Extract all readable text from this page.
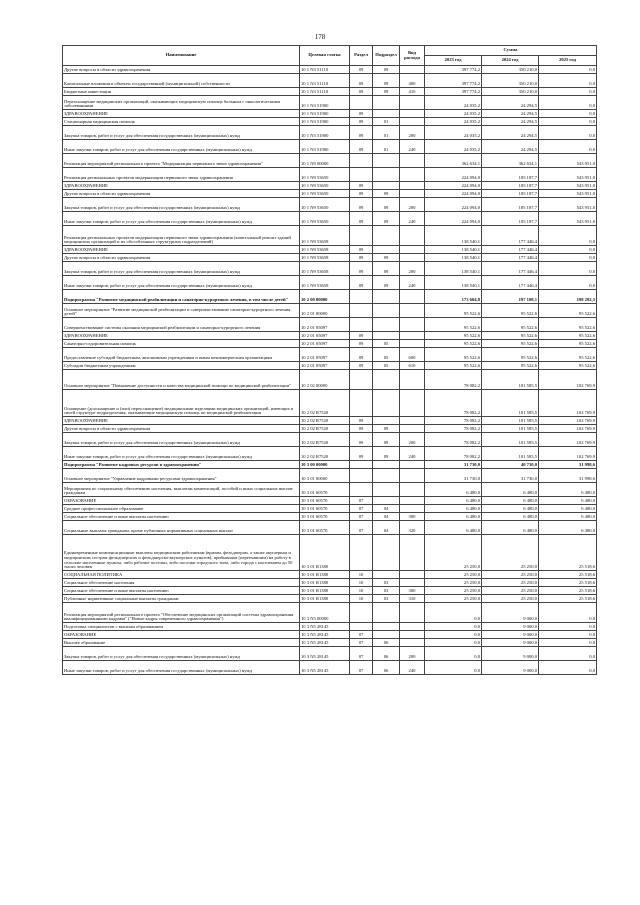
178
Наименование	Целевая статья	Раздел	Подраздел	Вид расхода	Сумма		
					2023 год	2024 год	2025 год
Другие вопросы в области здравоохранения	10 1 N3 51110	09	09		397 774,2	350 210,0	0,0
Капитальные вложения в объекты государственной (муниципальной) собственности	10 1 N3 51110	09	09	400	397 774,2	350 210,0	0,0
Бюджетные инвестиции	10 1 N3 51110	09	09	410	397 774,2	350 210,0	0,0
Переоснащение медицинских организаций, оказывающих медицинскую помощь больным с онкологическими заболеваниями	10 1 N3 51900				24 035,2	24 294,5	0,0
ЗДРАВООХРАНЕНИЕ	10 1 N3 51900	09			24 035,2	24 294,5	0,0
Стационарная медицинская помощь	10 1 N3 51900	09	01		24 035,2	24 294,5	0,0
Закупка товаров, работ и услуг для обеспечения государственных (муниципальных) нужд	10 1 N3 51900	09	01	200	24 035,2	24 294,5	0,0
Иные закупки товаров, работ и услуг для обеспечения государственных (муниципальных) нужд	10 1 N3 51900	09	01	240	24 035,2	24 294,5	0,0
Реализация мероприятий регионального проекта "Модернизация первичного звена здравоохранения"	10 1 N9 00000				362 634,1	362 634,1	543 951,0
Реализация региональных проектов модернизации первичного звена здравоохранения	10 1 N9 53650				224 094,0	185 187,7	543 951,0
ЗДРАВООХРАНЕНИЕ	10 1 N9 53650	09			224 094,0	185 187,7	543 951,0
Другие вопросы в области здравоохранения	10 1 N9 53650	09	09		224 094,0	185 187,7	543 951,0
Закупка товаров, работ и услуг для обеспечения государственных (муниципальных) нужд	10 1 N9 53650	09	09	200	224 094,0	185 187,7	543 951,0
Иные закупки товаров, работ и услуг для обеспечения государственных (муниципальных) нужд	10 1 N9 53650	09	09	240	224 094,0	185 187,7	543 951,0
Реализация региональных проектов модернизации первичного звена здравоохранения (капитальный ремонт зданий медицинских организаций и их обособленных структурных подразделений)	10 1 N9 53658				138 540,1	177 446,4	0,0
ЗДРАВООХРАНЕНИЕ	10 1 N9 53658	09			138 540,1	177 446,4	0,0
Другие вопросы в области здравоохранения	10 1 N9 53658	09	09		138 540,1	177 446,4	0,0
Закупка товаров, работ и услуг для обеспечения государственных (муниципальных) нужд	10 1 N9 53658	09	09	200	138 540,1	177 446,4	0,0
Иные закупки товаров, работ и услуг для обеспечения государственных (муниципальных) нужд	10 1 N9 53658	09	09	240	138 540,1	177 446,4	0,0
Подпрограмма "Развитие медицинской реабилитации и санаторно-курортного лечения, в том числе детей"	10 2 00 00000				173 604,8	197 108,1	198 292,5
Основное мероприятие "Развитие медицинской реабилитации и совершенствование санаторно-курортного лечения детей"	10 2 01 00000				95 522,6	95 522,6	95 522,6
Совершенствование системы оказания медицинской реабилитации и санаторно-курортного лечения	10 2 01 05097				95 522,6	95 522,6	95 522,6
ЗДРАВООХРАНЕНИЕ	10 2 01 05097	09			95 522,6	95 522,6	95 522,6
Санаторно-оздоровительная помощь	10 2 01 05097	09	05		95 522,6	95 522,6	95 522,6
Предоставление субсидий бюджетным, автономным учреждениям и иным некоммерческим организациям	10 2 01 05097	09	05	600	95 522,6	95 522,6	95 522,6
Субсидии бюджетным учреждениям	10 2 01 05097	09	05	610	95 522,6	95 522,6	95 522,6
Основное мероприятие "Повышение доступности и качества медицинской помощи по медицинской реабилитации"	10 2 02 00000				78 082,2	101 585,5	102 769,9
Оснащение (дооснащение и (или) переоснащение) медицинскими изделиями медицинских организаций, имеющих в своей структуре подразделения, оказывающие медицинскую помощь по медицинской реабилитации	10 2 02 R7520				78 082,2	101 585,5	102 769,9
ЗДРАВООХРАНЕНИЕ	10 2 02 R7520	09			78 082,2	101 585,5	102 769,9
Другие вопросы в области здравоохранения	10 2 02 R7520	09	09		78 082,2	101 585,5	102 769,9
Закупка товаров, работ и услуг для обеспечения государственных (муниципальных) нужд	10 2 02 R7520	09	09	200	78 082,2	101 585,5	102 769,9
Иные закупки товаров, работ и услуг для обеспечения государственных (муниципальных) нужд	10 2 02 R7520	09	09	240	78 082,2	101 585,5	102 769,9
Подпрограмма "Развитие кадровых ресурсов в здравоохранении"	10 3 00 00000				31 730,0	40 730,0	31 998,6
Основное мероприятие "Управление кадровыми ресурсами здравоохранения"	10 3 01 00000				31 730,0	31 730,0	31 998,6
Мероприятия по социальному обеспечению населения, выплатам компенсаций, пособий и иных социальных выплат гражданам	10 3 01 60570				6 480,0	6 480,0	6 480,0
ОБРАЗОВАНИЕ	10 3 01 60570	07			6 480,0	6 480,0	6 480,0
Среднее профессиональное образование	10 3 01 60570	07	04		6 480,0	6 480,0	6 480,0
Социальное обеспечение и иные выплаты населению	10 3 01 60570	07	04	300	6 480,0	6 480,0	6 480,0
Социальные выплаты гражданам, кроме публичных нормативных социальных выплат	10 3 01 60570	07	04	320	6 480,0	6 480,0	6 480,0
Единовременные компенсационные выплаты медицинским работникам (врачам, фельдшерам, а также акушеркам и медицинским сестрам фельдшерских и фельдшерско-акушерских пунктов), прибывшим (переехавшим) на работу в сельские населенные пункты, либо рабочие поселки, либо поселки городского типа, либо города с населением до 50 тысяч человек	10 3 01 R1380				25 250,0	25 250,0	25 518,6
СОЦИАЛЬНАЯ ПОЛИТИКА	10 3 01 R1380	10			25 250,0	25 250,0	25 518,6
Социальное обеспечение населения	10 3 01 R1380	10	03		25 250,0	25 250,0	25 518,6
Социальное обеспечение и иные выплаты населению	10 3 01 R1380	10	03	300	25 250,0	25 250,0	25 518,6
Публичные нормативные социальные выплаты гражданам	10 3 01 R1380	10	03	310	25 250,0	25 250,0	25 518,6
Реализация мероприятий регионального проекта "Обеспечение медицинских организаций системы здравоохранения квалифицированными кадрами" ("Новые кадры современного здравоохранения")	10 3 N5 00000				0,0	9 000,0	0,0
Подготовка специалистов с высшим образованием	10 3 N5 28145				0,0	9 000,0	0,0
ОБРАЗОВАНИЕ	10 3 N5 28145	07			0,0	9 000,0	0,0
Высшее образование	10 3 N5 28145	07	06		0,0	9 000,0	0,0
Закупка товаров, работ и услуг для обеспечения государственных (муниципальных) нужд	10 3 N5 28145	07	06	200	0,0	9 000,0	0,0
Иные закупки товаров, работ и услуг для обеспечения государственных (муниципальных) нужд	10 3 N5 28145	07	06	240	0,0	9 000,0	0,0
